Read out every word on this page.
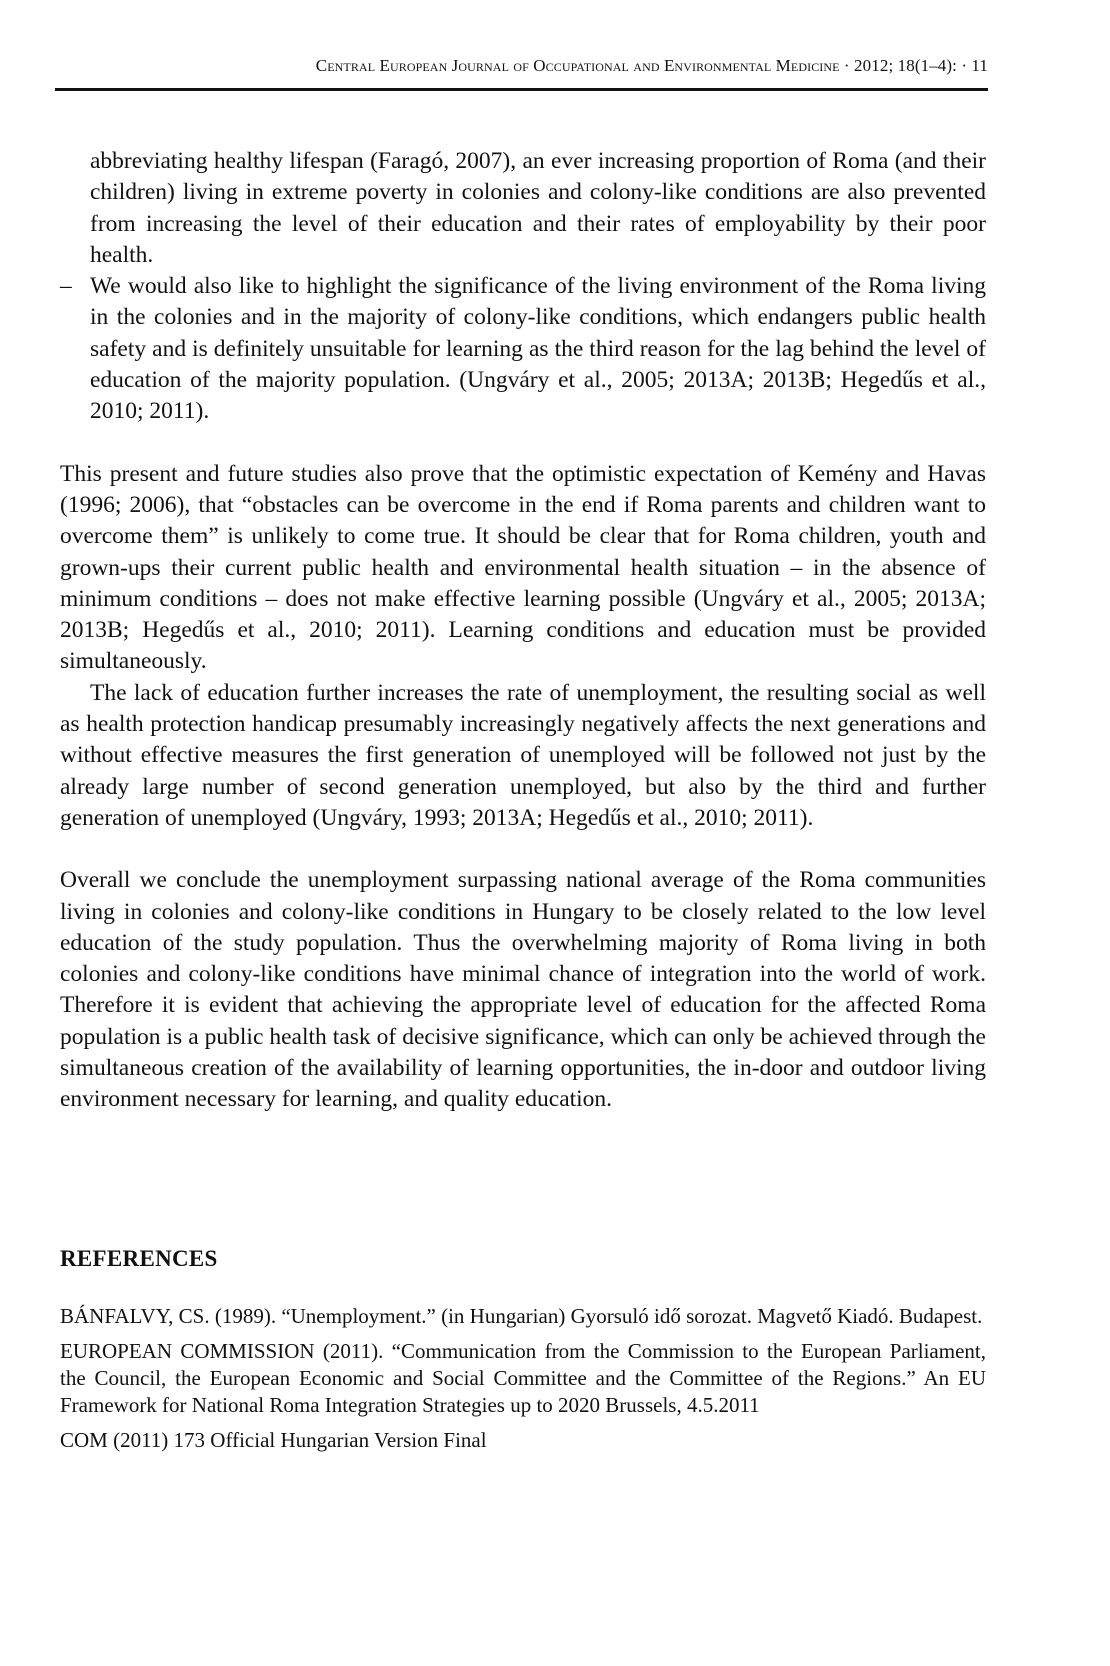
Central European Journal of Occupational and Environmental Medicine · 2012; 18(1–4): · 11

abbreviating healthy lifespan (Faragó, 2007), an ever increasing proportion of Roma (and their children) living in extreme poverty in colonies and colony-like conditions are also prevented from increasing the level of their education and their rates of employability by their poor health.

– We would also like to highlight the significance of the living environment of the Roma living in the colonies and in the majority of colony-like conditions, which endangers public health safety and is definitely unsuitable for learning as the third reason for the lag behind the level of education of the majority population. (Ungváry et al., 2005; 2013A; 2013B; Hegedűs et al., 2010; 2011).

This present and future studies also prove that the optimistic expectation of Kemény and Havas (1996; 2006), that “obstacles can be overcome in the end if Roma parents and children want to overcome them” is unlikely to come true. It should be clear that for Roma children, youth and grown-ups their current public health and environmental health situation – in the absence of minimum conditions – does not make effective learning possible (Ungváry et al., 2005; 2013A; 2013B; Hegedűs et al., 2010; 2011). Learning conditions and education must be provided simultaneously.

The lack of education further increases the rate of unemployment, the resulting social as well as health protection handicap presumably increasingly negatively affects the next generations and without effective measures the first generation of unemployed will be followed not just by the already large number of second generation unemployed, but also by the third and further generation of unemployed (Ungváry, 1993; 2013A; Hegedűs et al., 2010; 2011).

Overall we conclude the unemployment surpassing national average of the Roma communities living in colonies and colony-like conditions in Hungary to be closely related to the low level education of the study population. Thus the overwhelming majority of Roma living in both colonies and colony-like conditions have minimal chance of integration into the world of work. Therefore it is evident that achieving the appropriate level of education for the affected Roma population is a public health task of decisive significance, which can only be achieved through the simultaneous creation of the availability of learning opportunities, the in-door and outdoor living environment necessary for learning, and quality education.

REFERENCES

BÁNFALVY, CS. (1989). “Unemployment.” (in Hungarian) Gyorsuló idő sorozat. Magvető Kiadó. Budapest.

EUROPEAN COMMISSION (2011). “Communication from the Commission to the European Parliament, the Council, the European Economic and Social Committee and the Committee of the Regions.” An EU Framework for National Roma Integration Strategies up to 2020 Brussels, 4.5.2011

COM (2011) 173 Official Hungarian Version Final
